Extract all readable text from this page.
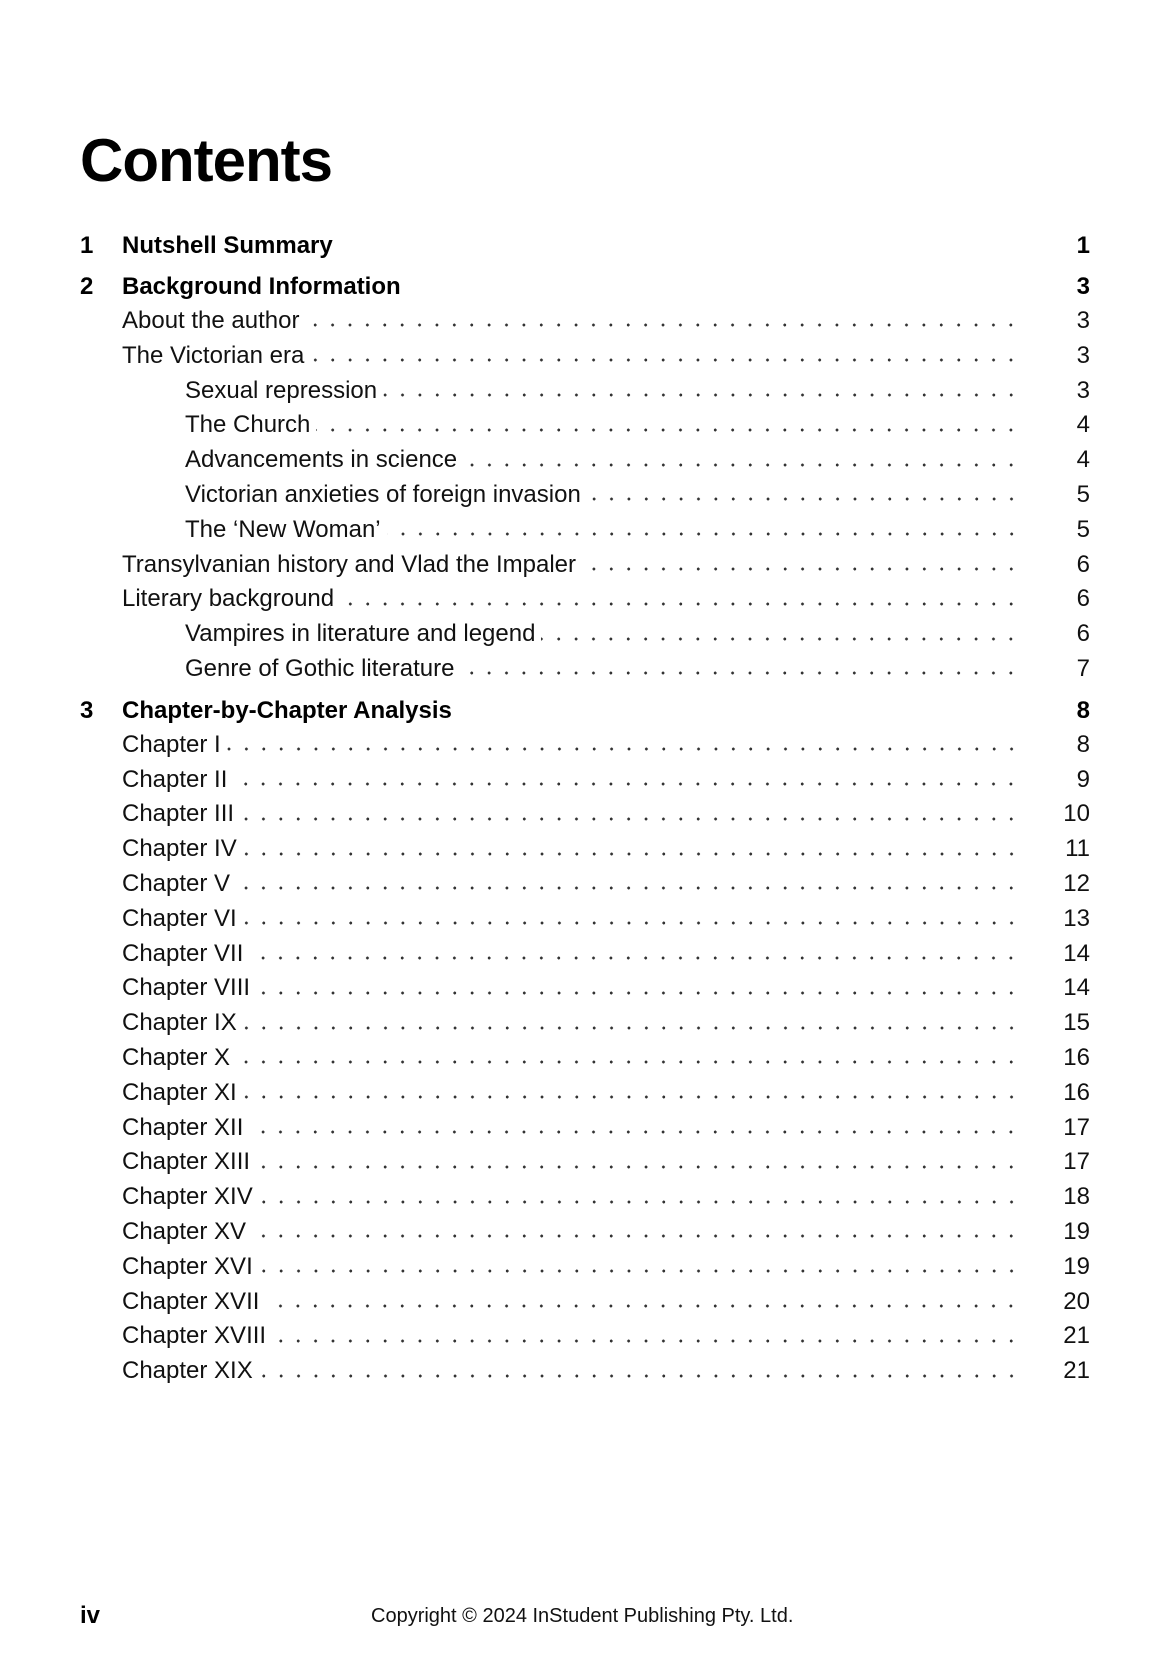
Contents
1	Nutshell Summary	1
2	Background Information	3
About the author	3
The Victorian era	3
Sexual repression	3
The Church	4
Advancements in science	4
Victorian anxieties of foreign invasion	5
The ‘New Woman’	5
Transylvanian history and Vlad the Impaler	6
Literary background	6
Vampires in literature and legend	6
Genre of Gothic literature	7
3	Chapter-by-Chapter Analysis	8
Chapter I	8
Chapter II	9
Chapter III	10
Chapter IV	11
Chapter V	12
Chapter VI	13
Chapter VII	14
Chapter VIII	14
Chapter IX	15
Chapter X	16
Chapter XI	16
Chapter XII	17
Chapter XIII	17
Chapter XIV	18
Chapter XV	19
Chapter XVI	19
Chapter XVII	20
Chapter XVIII	21
Chapter XIX	21
iv	Copyright © 2024 InStudent Publishing Pty. Ltd.
